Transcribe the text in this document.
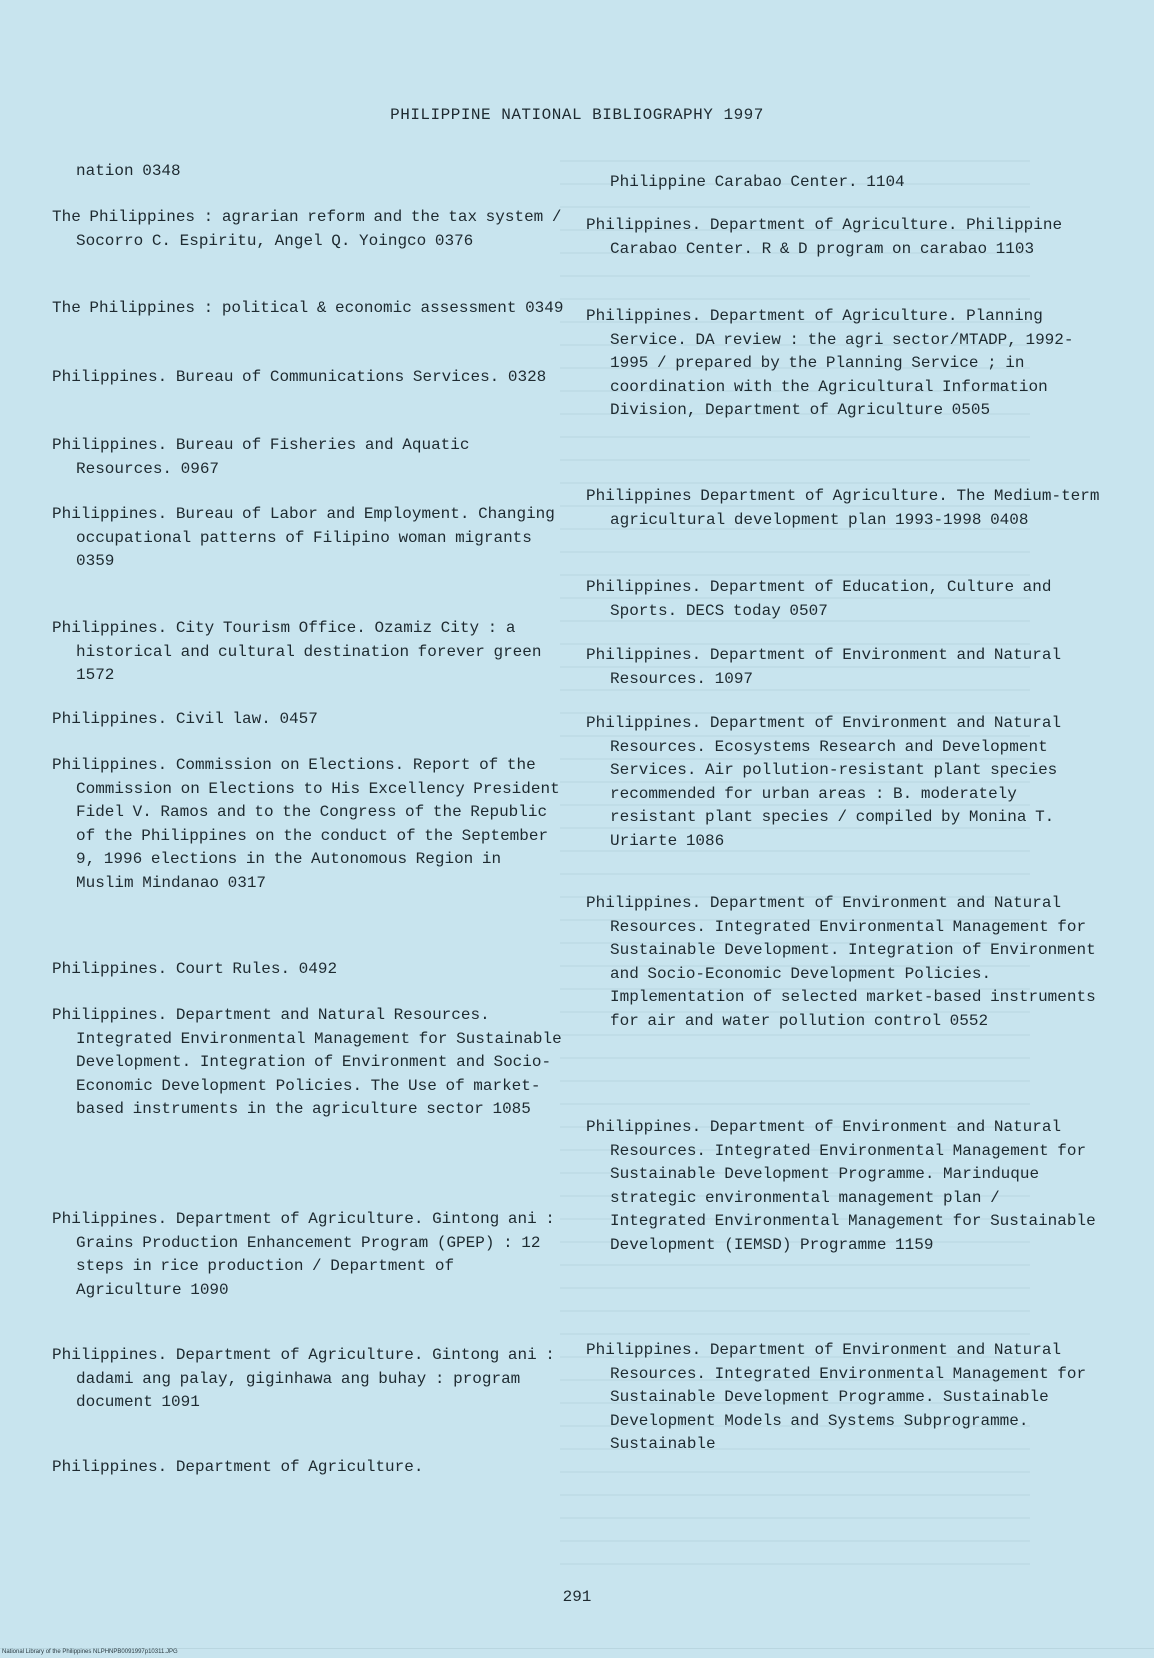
PHILIPPINE NATIONAL BIBLIOGRAPHY 1997

nation 0348

The Philippines : agrarian reform and the tax system / Socorro C. Espiritu, Angel Q. Yoingco 0376

The Philippines : political & economic assessment 0349

Philippines. Bureau of Communications Services. 0328

Philippines. Bureau of Fisheries and Aquatic Resources. 0967

Philippines. Bureau of Labor and Employment. Changing occupational patterns of Filipino woman migrants 0359

Philippines. City Tourism Office. Ozamiz City : a historical and cultural destination forever green 1572

Philippines. Civil law. 0457

Philippines. Commission on Elections. Report of the Commission on Elections to His Excellency President Fidel V. Ramos and to the Congress of the Republic of the Philippines on the conduct of the September 9, 1996 elections in the Autonomous Region in Muslim Mindanao 0317

Philippines. Court Rules. 0492

Philippines. Department and Natural Resources. Integrated Environmental Management for Sustainable Development. Integration of Environment and Socio-Economic Development Policies. The Use of market-based instruments in the agriculture sector 1085

Philippines. Department of Agriculture. Gintong ani : Grains Production Enhancement Program (GPEP) : 12 steps in rice production / Department of Agriculture 1090

Philippines. Department of Agriculture. Gintong ani : dadami ang palay, giginhawa ang buhay : program document 1091

Philippines. Department of Agriculture.

Philippine Carabao Center. 1104

Philippines. Department of Agriculture. Philippine Carabao Center. R & D program on carabao 1103

Philippines. Department of Agriculture. Planning Service. DA review : the agri sector/MTADP, 1992-1995 / prepared by the Planning Service ; in coordination with the Agricultural Information Division, Department of Agriculture 0505

Philippines Department of Agriculture. The Medium-term agricultural development plan 1993-1998 0408

Philippines. Department of Education, Culture and Sports. DECS today 0507

Philippines. Department of Environment and Natural Resources. 1097

Philippines. Department of Environment and Natural Resources. Ecosystems Research and Development Services. Air pollution-resistant plant species recommended for urban areas : B. moderately resistant plant species / compiled by Monina T. Uriarte 1086

Philippines. Department of Environment and Natural Resources. Integrated Environmental Management for Sustainable Development. Integration of Environment and Socio-Economic Development Policies. Implementation of selected market-based instruments for air and water pollution control 0552

Philippines. Department of Environment and Natural Resources. Integrated Environmental Management for Sustainable Development Programme. Marinduque strategic environmental management plan / Integrated Environmental Management for Sustainable Development (IEMSD) Programme 1159

Philippines. Department of Environment and Natural Resources. Integrated Environmental Management for Sustainable Development Programme. Sustainable Development Models and Systems Subprogramme. Sustainable

291
National Library of the Philippines NLPHNPB0091997p10311.JPG
